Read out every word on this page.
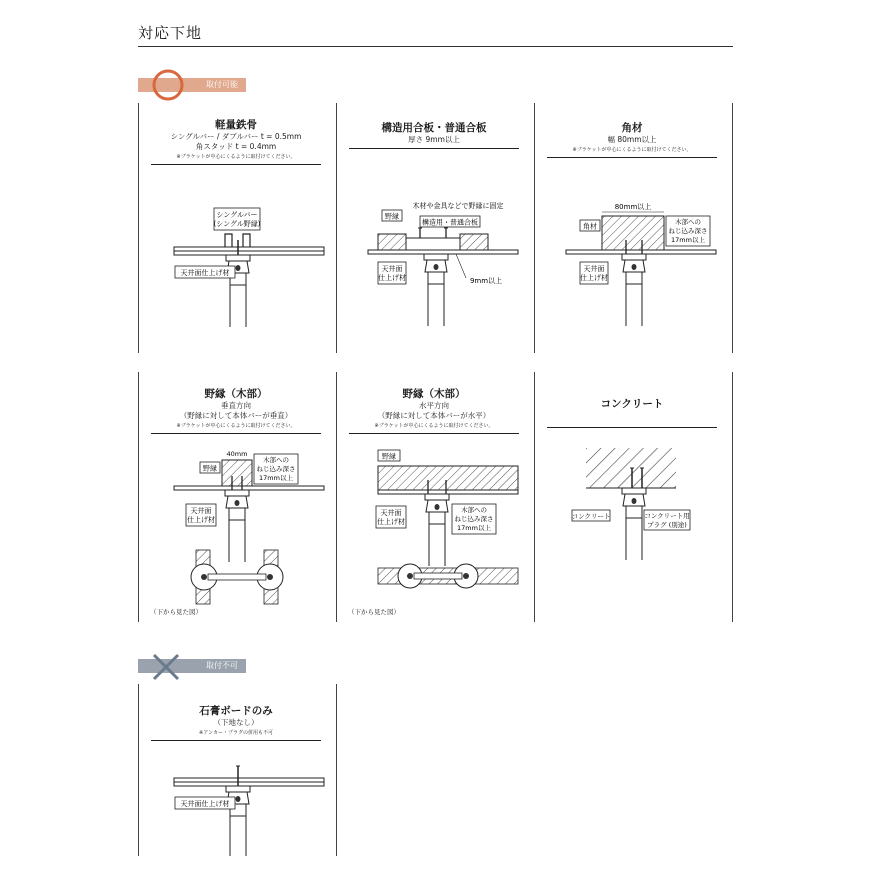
対応下地
取付可能
取付不可
軽量鉄骨
シングルバー / ダブルバー t = 0.5mm
角スタッド t = 0.4mm
※ブラケットが中心にくるように取付けてください。
シングルバー
(シングル野縁)
天井面仕上げ材
構造用合板・普通合板
厚さ 9mm以上
木材や金具などで野縁に固定
野縁
構造用・普通合板
天井面
仕上げ材	9mm以上
角材
幅 80mm以上
※ブラケットが中心にくるように取付けてください。
80mm以上
角材
木部への
ねじ込み深さ
17mm以上
天井面
仕上げ材
野縁（木部）
垂直方向
（野縁に対して本体バーが垂直）
※ブラケットが中心にくるように取付けてください。
40mm
野縁
木部への
ねじ込み深さ
17mm以上
天井面
仕上げ材
（下から見た図）
野縁（木部）
水平方向
（野縁に対して本体バーが水平）
※ブラケットが中心にくるように取付けてください。
野縁
天井面
仕上げ材
木部への
ねじ込み深さ
17mm以上
（下から見た図）
コンクリート
コンクリート	コンクリート用
プラグ (別途)
石膏ボードのみ
（下地なし）
※アンカー・プラグの併用も不可
天井面仕上げ材
